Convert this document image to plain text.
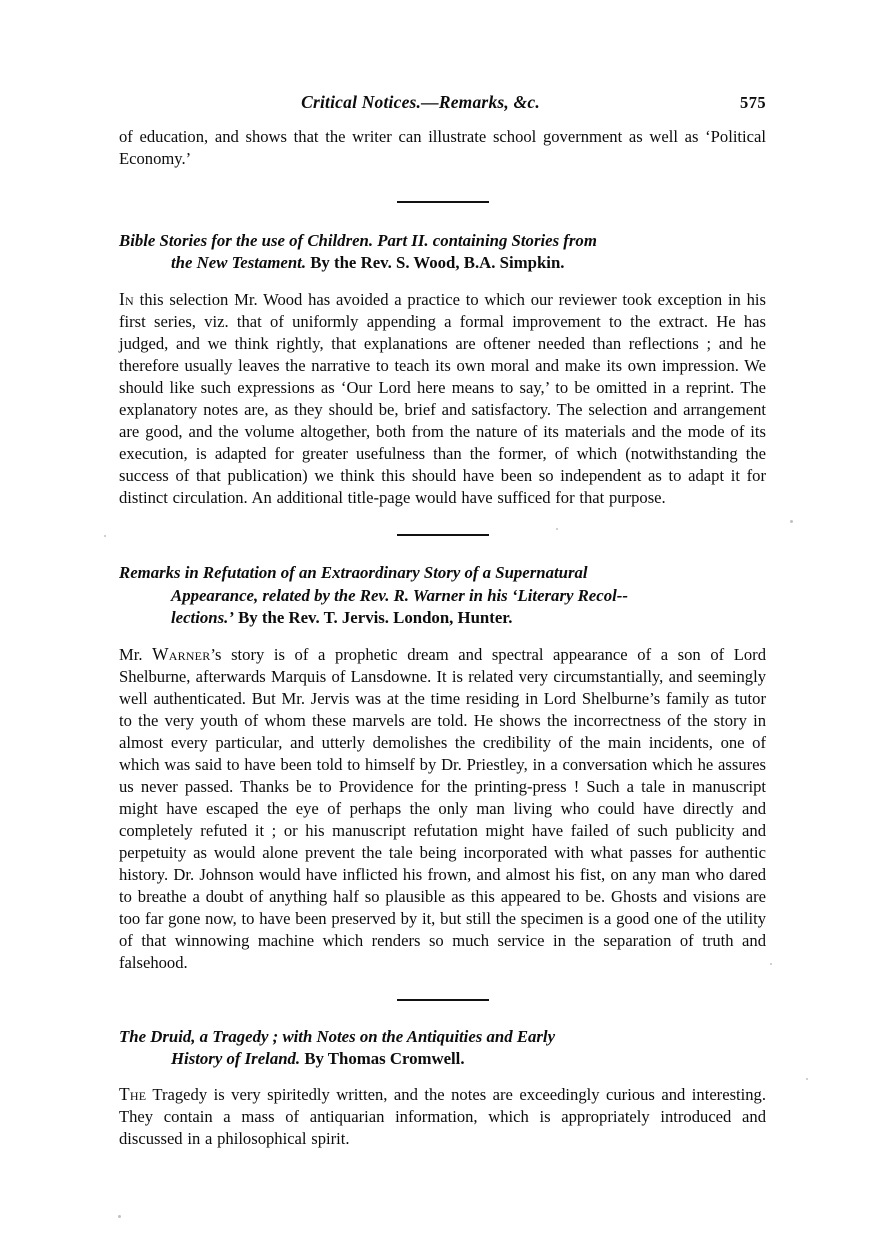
Critical Notices.—Remarks, &c.	575

of education, and shows that the writer can illustrate school government as well as ‘Political Economy.’

Bible Stories for the use of Children. Part II. containing Stories from
the New Testament. By the Rev. S. Wood, B.A. Simpkin.

In this selection Mr. Wood has avoided a practice to which our reviewer took exception in his first series, viz. that of uniformly appending a formal improvement to the extract. He has judged, and we think rightly, that explanations are oftener needed than reflections ; and he therefore usually leaves the narrative to teach its own moral and make its own impression. We should like such expressions as ‘Our Lord here means to say,’ to be omitted in a reprint. The explanatory notes are, as they should be, brief and satisfactory. The selection and arrangement are good, and the volume altogether, both from the nature of its materials and the mode of its execution, is adapted for greater usefulness than the former, of which (notwithstanding the success of that publication) we think this should have been so independent as to adapt it for distinct circulation. An additional title-page would have sufficed for that purpose.

Remarks in Refutation of an Extraordinary Story of a Supernatural
Appearance, related by the Rev. R. Warner in his ‘Literary Recol--
lections.’ By the Rev. T. Jervis. London, Hunter.

Mr. Warner’s story is of a prophetic dream and spectral appearance of a son of Lord Shelburne, afterwards Marquis of Lansdowne. It is related very circumstantially, and seemingly well authenticated. But Mr. Jervis was at the time residing in Lord Shelburne’s family as tutor to the very youth of whom these marvels are told. He shows the incorrectness of the story in almost every particular, and utterly demolishes the credibility of the main incidents, one of which was said to have been told to himself by Dr. Priestley, in a conversation which he assures us never passed. Thanks be to Providence for the printing-press ! Such a tale in manuscript might have escaped the eye of perhaps the only man living who could have directly and completely refuted it ; or his manuscript refutation might have failed of such publicity and perpetuity as would alone prevent the tale being incorporated with what passes for authentic history. Dr. Johnson would have inflicted his frown, and almost his fist, on any man who dared to breathe a doubt of anything half so plausible as this appeared to be. Ghosts and visions are too far gone now, to have been preserved by it, but still the specimen is a good one of the utility of that winnowing machine which renders so much service in the separation of truth and falsehood.

The Druid, a Tragedy ; with Notes on the Antiquities and Early
History of Ireland. By Thomas Cromwell.

The Tragedy is very spiritedly written, and the notes are exceedingly curious and interesting. They contain a mass of antiquarian information, which is appropriately introduced and discussed in a philosophical spirit.
